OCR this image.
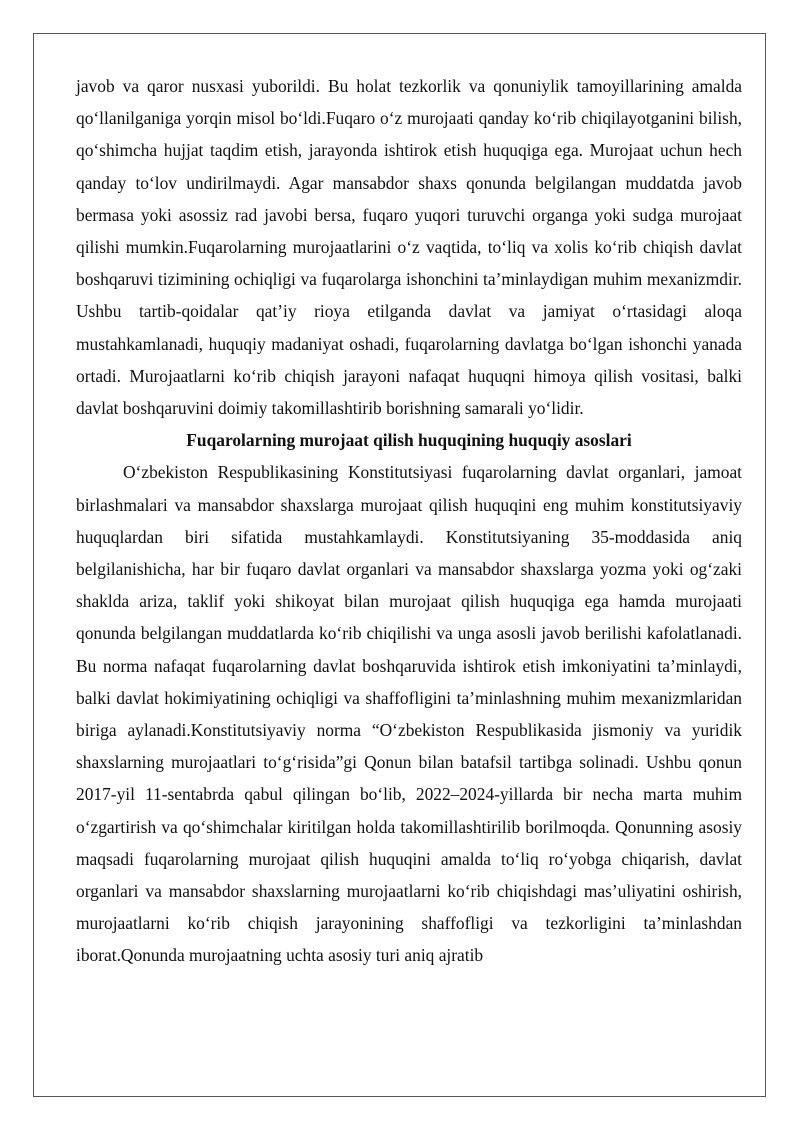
javob va qaror nusxasi yuborildi. Bu holat tezkorlik va qonuniylik tamoyillarining amalda qo‘llanilganiga yorqin misol bo‘ldi.Fuqaro o‘z murojaati qanday ko‘rib chiqilayotganini bilish, qo‘shimcha hujjat taqdim etish, jarayonda ishtirok etish huquqiga ega. Murojaat uchun hech qanday to‘lov undirilmaydi. Agar mansabdor shaxs qonunda belgilangan muddatda javob bermasa yoki asossiz rad javobi bersa, fuqaro yuqori turuvchi organga yoki sudga murojaat qilishi mumkin.Fuqarolarning murojaatlarini o‘z vaqtida, to‘liq va xolis ko‘rib chiqish davlat boshqaruvi tizimining ochiqligi va fuqarolarga ishonchini ta’minlaydigan muhim mexanizmdir. Ushbu tartib-qoidalar qat’iy rioya etilganda davlat va jamiyat o‘rtasidagi aloqa mustahkamlanadi, huquqiy madaniyat oshadi, fuqarolarning davlatga bo‘lgan ishonchi yanada ortadi. Murojaatlarni ko‘rib chiqish jarayoni nafaqat huquqni himoya qilish vositasi, balki davlat boshqaruvini doimiy takomillashtirib borishning samarali yo‘lidir.

Fuqarolarning murojaat qilish huquqining huquqiy asoslari

O‘zbekiston Respublikasining Konstitutsiyasi fuqarolarning davlat organlari, jamoat birlashmalari va mansabdor shaxslarga murojaat qilish huquqini eng muhim konstitutsiyaviy huquqlardan biri sifatida mustahkamlaydi. Konstitutsiyaning 35-moddasida aniq belgilanishicha, har bir fuqaro davlat organlari va mansabdor shaxslarga yozma yoki og‘zaki shaklda ariza, taklif yoki shikoyat bilan murojaat qilish huquqiga ega hamda murojaati qonunda belgilangan muddatlarda ko‘rib chiqilishi va unga asosli javob berilishi kafolatlanadi. Bu norma nafaqat fuqarolarning davlat boshqaruvida ishtirok etish imkoniyatini ta’minlaydi, balki davlat hokimiyatining ochiqligi va shaffofligini ta’minlashning muhim mexanizmlaridan biriga aylanadi.Konstitutsiyaviy norma “O‘zbekiston Respublikasida jismoniy va yuridik shaxslarning murojaatlari to‘g‘risida”gi Qonun bilan batafsil tartibga solinadi. Ushbu qonun 2017-yil 11-sentabrda qabul qilingan bo‘lib, 2022–2024-yillarda bir necha marta muhim o‘zgartirish va qo‘shimchalar kiritilgan holda takomillashtirilib borilmoqda. Qonunning asosiy maqsadi fuqarolarning murojaat qilish huquqini amalda to‘liq ro‘yobga chiqarish, davlat organlari va mansabdor shaxslarning murojaatlarni ko‘rib chiqishdagi mas’uliyatini oshirish, murojaatlarni ko‘rib chiqish jarayonining shaffofligi va tezkorligini ta’minlashdan iborat.Qonunda murojaatning uchta asosiy turi aniq ajratib
